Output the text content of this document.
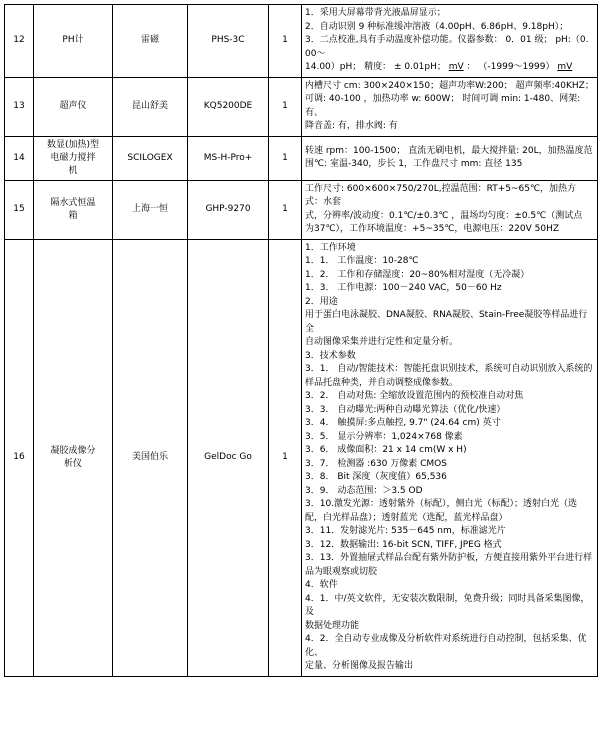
12	PH计	雷磁	PHS-3C	1	1．采用大屏幕带背光液晶屏显示；

2．自动识别 9 种标准缓冲溶液（4.00pH、6.86pH、9.18pH）；

3．二点校准,具有手动温度补偿功能。仪器参数： 0．01 级； pH:（0.00～

14.00）pH； 精度： ± 0.01pH； mV ： （-1999～1999） mV

13	超声仪	昆山舒美	KQ5200DE	1	内槽尺寸 cm: 300×240×150；超声功率W:200； 超声频率:40KHZ；

可调: 40-100 ，加热功率 w: 600W； 时间可调 min: 1-480、网架: 有、

降音盖: 有，排水阀: 有

14	数显(加热)型
电磁力搅拌
机	SCILOGEX	MS-H-Pro+	1	

转速 rpm：100-1500； 直流无刷电机，最大搅拌量: 20L，加热温度范

围℃: 室温-340，步长 1，工作盘尺寸 mm: 直径 135

15	隔水式恒温
箱	上海一恒	GHP-9270	1	

工作尺寸: 600×600×750/270L,控温范围：RT+5~65℃，加热方式：水套

式，分辨率/波动度：0.1℃/±0.3℃ ，温场均匀度：±0.5℃（测试点

为37℃），工作环境温度：+5~35℃，电源电压：220V 50HZ

16	凝胶成像分
析仪	美国伯乐	GelDoc Go	1	

1．工作环境

1．1． 工作温度：10-28℃

1．2． 工作和存储湿度：20~80%相对湿度（无冷凝）

1．3． 工作电源：100－240 VAC，50－60 Hz

2．用途

用于蛋白电泳凝胶、DNA凝胶、RNA凝胶、Stain-Free凝胶等样品进行全

自动图像采集并进行定性和定量分析。

3．技术参数

3．1． 自动/智能技术：智能托盘识别技术，系统可自动识别放入系统的

样品托盘种类，并自动调整成像参数。

3．2． 自动对焦: 全缩放设置范围内的预校准自动对焦

3．3． 自动曝光:两种自动曝光算法（优化/快速）

3．4． 触摸屏:多点触控, 9.7" (24.64 cm) 英寸

3．5． 显示分辨率：1,024×768 像素

3．6． 成像面积：21 x 14 cm(W x H)

3．7． 检测器 :630 万像素 CMOS

3．8． Bit 深度（灰度值）65,536

3．9． 动态范围：＞3.5 OD

3．10.激发光源：透射紫外（标配），侧白光（标配）；透射白光（选

配，白光样品盘）；透射蓝光（选配，蓝光样品盘）

3．11．发射滤光片: 535－645 nm，标准滤光片

3．12．数据输出: 16-bit SCN, TIFF, JPEG 格式

3．13．外置抽屉式样品台配有紫外防护板，方便直接用紫外平台进行样

品为眼观察或切胶

4．软件

4．1．中/英文软件，无安装次数限制，免费升级；同时具备采集图像，及

数据处理功能

4．2．全自动专业成像及分析软件对系统进行自动控制，包括采集、优化、

定量、分析图像及报告输出
